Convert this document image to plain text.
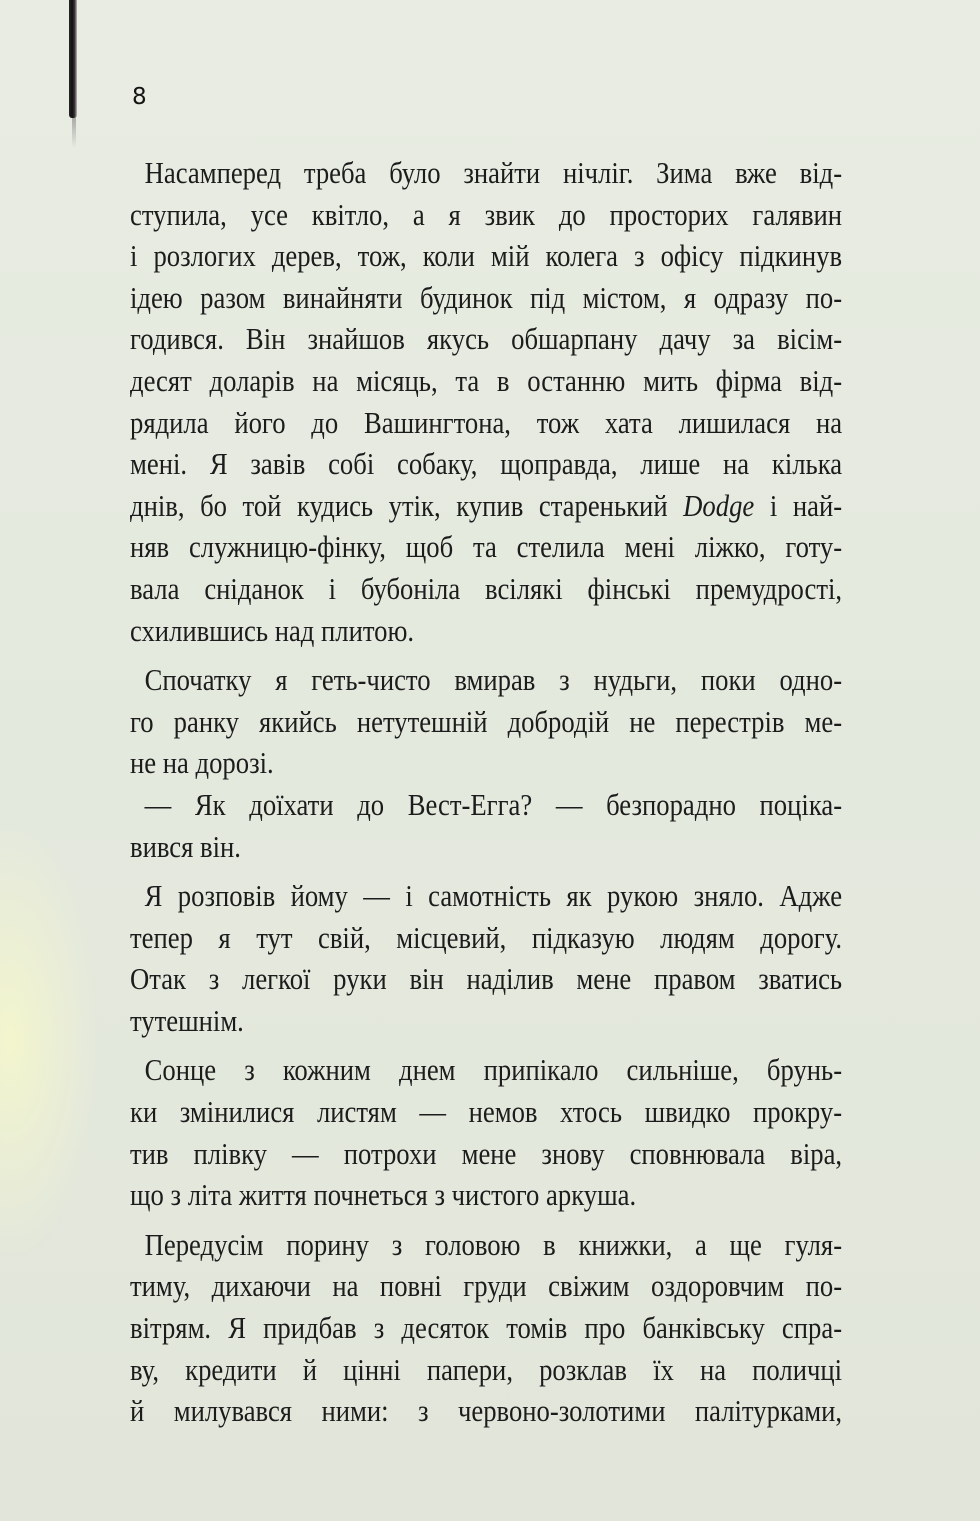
8
Насамперед треба було знайти нічліг. Зима вже від-
ступила, усе квітло, а я звик до просторих галявин
і розлогих дерев, тож, коли мій колега з офісу підкинув
ідею разом винайняти будинок під містом, я одразу по-
годився. Він знайшов якусь обшарпану дачу за вісім-
десят доларів на місяць, та в останню мить фірма від-
рядила його до Вашингтона, тож хата лишилася на
мені. Я завів собі собаку, щоправда, лише на кілька
днів, бо той кудись утік, купив старенький Dodge і най-
няв служницю-фінку, щоб та стелила мені ліжко, готу-
вала сніданок і бубоніла всілякі фінські премудрості,
схилившись над плитою.
Спочатку я геть-чисто вмирав з нудьги, поки одно-
го ранку якийсь нетутешній добродій не перестрів ме-
не на дорозі.
— Як доїхати до Вест-Егга? — безпорадно поціка-
вився він.
Я розповів йому — і самотність як рукою зняло. Адже
тепер я тут свій, місцевий, підказую людям дорогу.
Отак з легкої руки він наділив мене правом зватись
тутешнім.
Сонце з кожним днем припікало сильніше, брунь-
ки змінилися листям — немов хтось швидко прокру-
тив плівку — потрохи мене знову сповнювала віра,
що з літа життя почнеться з чистого аркуша.
Передусім порину з головою в книжки, а ще гуля-
тиму, дихаючи на повні груди свіжим оздоровчим по-
вітрям. Я придбав з десяток томів про банківську спра-
ву, кредити й цінні папери, розклав їх на поличці
й милувався ними: з червоно-золотими палітурками,
